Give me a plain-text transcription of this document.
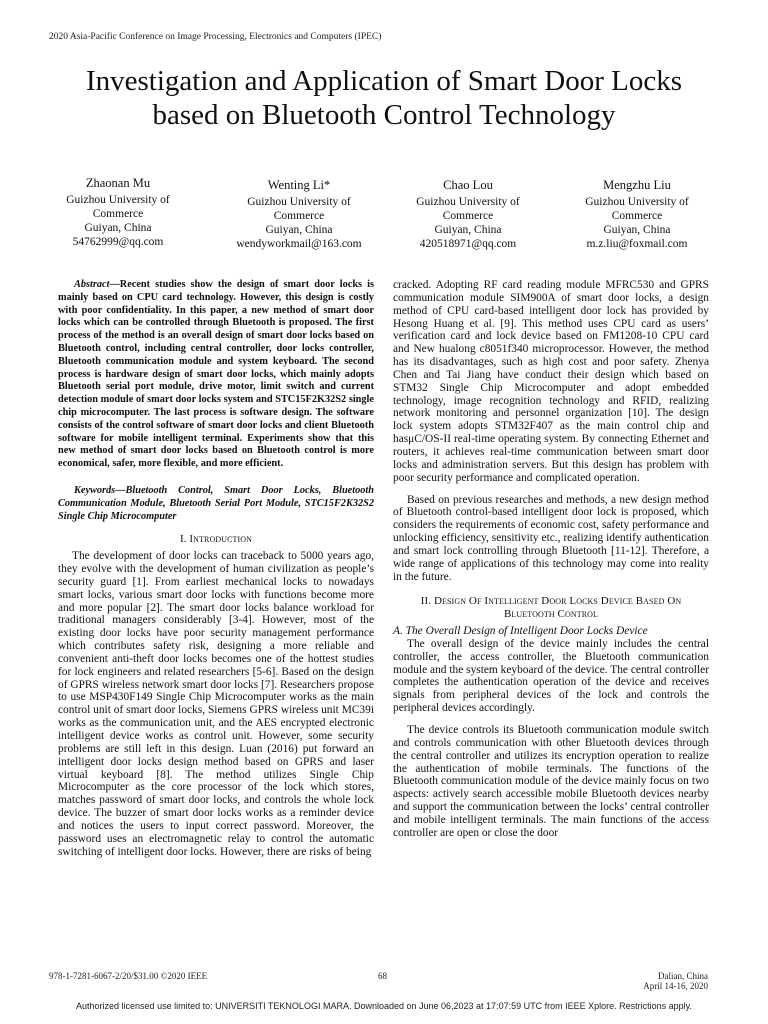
2020 Asia-Pacific Conference on Image Processing, Electronics and Computers (IPEC)
Investigation and Application of Smart Door Locks
based on Bluetooth Control Technology
Zhaonan Mu
Guizhou University of
Commerce
Guiyan, China
54762999@qq.com
Wenting Li*
Guizhou University of
Commerce
Guiyan, China
wendyworkmail@163.com
Chao Lou
Guizhou University of
Commerce
Guiyan, China
420518971@qq.com
Mengzhu Liu
Guizhou University of
Commerce
Guiyan, China
m.z.liu@foxmail.com

Abstract—Recent studies show the design of smart door locks is mainly based on CPU card technology. However, this design is costly with poor confidentiality. In this paper, a new method of smart door locks which can be controlled through Bluetooth is proposed. The first process of the method is an overall design of smart door locks based on Bluetooth control, including central controller, door locks controller, Bluetooth communication module and system keyboard. The second process is hardware design of smart door locks, which mainly adopts Bluetooth serial port module, drive motor, limit switch and current detection module of smart door locks system and STC15F2K32S2 single chip microcomputer. The last process is software design. The software consists of the control software of smart door locks and client Bluetooth software for mobile intelligent terminal. Experiments show that this new method of smart door locks based on Bluetooth control is more economical, safer, more flexible, and more efficient.

Keywords—Bluetooth Control, Smart Door Locks, Bluetooth Communication Module, Bluetooth Serial Port Module, STC15F2K32S2 Single Chip Microcomputer

I. Introduction

The development of door locks can traceback to 5000 years ago, they evolve with the development of human civilization as people’s security guard [1]. From earliest mechanical locks to nowadays smart locks, various smart door locks with functions become more and more popular [2]. The smart door locks balance workload for traditional managers considerably [3-4]. However, most of the existing door locks have poor security management performance which contributes safety risk, designing a more reliable and convenient anti-theft door locks becomes one of the hottest studies for lock engineers and related researchers [5-6]. Based on the design of GPRS wireless network smart door locks [7]. Researchers propose to use MSP430F149 Single Chip Microcomputer works as the main control unit of smart door locks, Siemens GPRS wireless unit MC39i works as the communication unit, and the AES encrypted electronic intelligent device works as control unit. However, some security problems are still left in this design. Luan (2016) put forward an intelligent door locks design method based on GPRS and laser virtual keyboard [8]. The method utilizes Single Chip Microcomputer as the core processor of the lock which stores, matches password of smart door locks, and controls the whole lock device. The buzzer of smart door locks works as a reminder device and notices the users to input correct password. Moreover, the password uses an electromagnetic relay to control the automatic switching of intelligent door locks. However, there are risks of being

cracked. Adopting RF card reading module MFRC530 and GPRS communication module SIM900A of smart door locks, a design method of CPU card-based intelligent door lock has provided by Hesong Huang et al. [9]. This method uses CPU card as users’ verification card and lock device based on FM1208-10 CPU card and New hualong c8051f340 microprocessor. However, the method has its disadvantages, such as high cost and poor safety. Zhenya Chen and Tai Jiang have conduct their design which based on STM32 Single Chip Microcomputer and adopt embedded technology, image recognition technology and RFID, realizing network monitoring and personnel organization [10]. The design lock system adopts STM32F407 as the main control chip and hasμC/OS-II real-time operating system. By connecting Ethernet and routers, it achieves real-time communication between smart door locks and administration servers. But this design has problem with poor security performance and complicated operation.

Based on previous researches and methods, a new design method of Bluetooth control-based intelligent door lock is proposed, which considers the requirements of economic cost, safety performance and unlocking efficiency, sensitivity etc., realizing identify authentication and smart lock controlling through Bluetooth [11-12]. Therefore, a wide range of applications of this technology may come into reality in the future.

II. Design Of Intelligent Door Locks Device Based On
Bluetooth Control

A. The Overall Design of Intelligent Door Locks Device

The overall design of the device mainly includes the central controller, the access controller, the Bluetooth communication module and the system keyboard of the device. The central controller completes the authentication operation of the device and receives signals from peripheral devices of the lock and controls the peripheral devices accordingly.

The device controls its Bluetooth communication module switch and controls communication with other Bluetooth devices through the central controller and utilizes its encryption operation to realize the authentication of mobile terminals. The functions of the Bluetooth communication module of the device mainly focus on two aspects: actively search accessible mobile Bluetooth devices nearby and support the communication between the locks’ central controller and mobile intelligent terminals. The main functions of the access controller are open or close the door

978-1-7281-6067-2/20/$31.00 ©2020 IEEE	68	Dalian, China
April 14-16, 2020
Authorized licensed use limited to: UNIVERSITI TEKNOLOGI MARA. Downloaded on June 06,2023 at 17:07:59 UTC from IEEE Xplore. Restrictions apply.
